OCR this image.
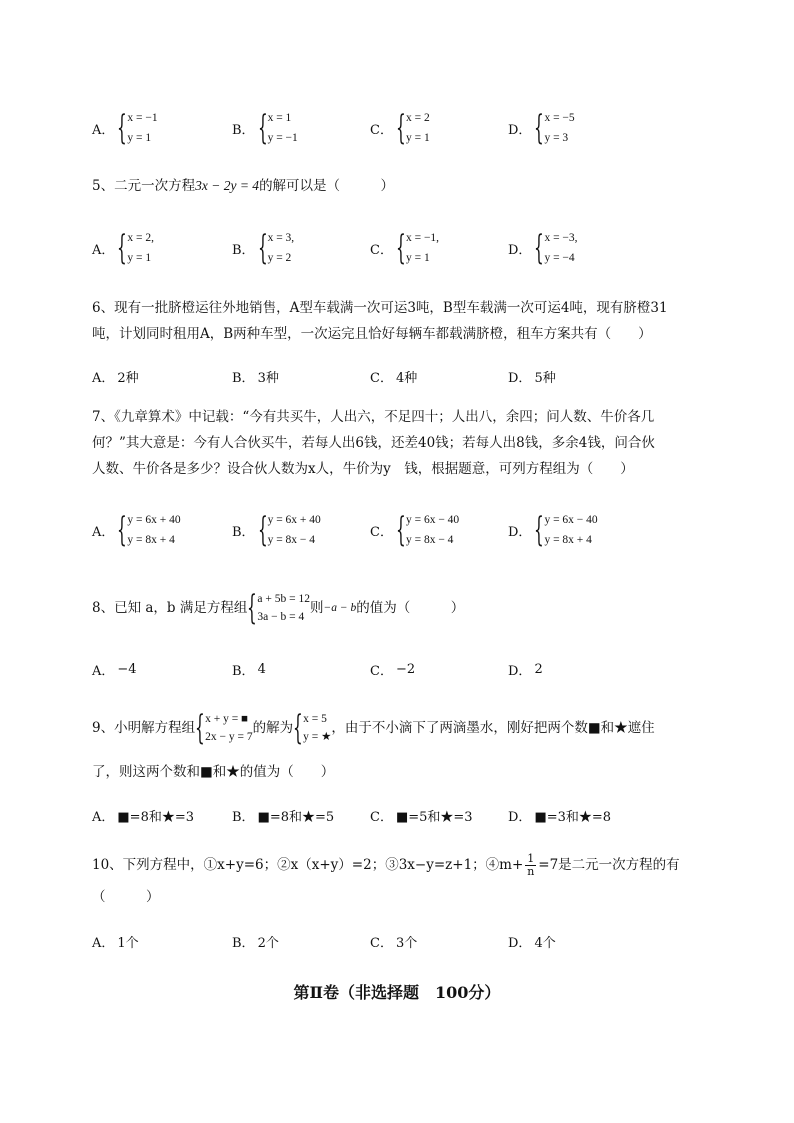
A． { x = −1
y = 1
B． { x = 1
y = −1
C． { x = 2
y = 1
D． { x = −5
y = 3
5、二元一次方程3x − 2y = 4的解可以是（　　　）
A． { x = 2,
y = 1
B． { x = 3,
y = 2
C． { x = −1,
y = 1
D． { x = −3,
y = −4
6、现有一批脐橙运往外地销售，A型车载满一次可运3吨，B型车载满一次可运4吨，现有脐橙31
吨，计划同时租用A，B两种车型，一次运完且恰好每辆车都载满脐橙，租车方案共有（　　）
A． 2种	B． 3种	C． 4种	D． 5种
7、《九章算术》中记载：“今有共买牛，人出六，不足四十；人出八，余四；问人数、牛价各几
何？”其大意是：今有人合伙买牛，若每人出6钱，还差40钱；若每人出8钱，多余4钱，问合伙
人数、牛价各是多少？设合伙人数为x人，牛价为y　钱，根据题意，可列方程组为（　　）
A． { y = 6x + 40
y = 8x + 4
B． { y = 6x + 40
y = 8x − 4
C． { y = 6x − 40
y = 8x − 4
D． { y = 6x − 40
y = 8x + 4
8、已知 a，b 满足方程组 { a + 5b = 12
3a − b = 4
则 −a − b 的值为（　　　）
A． −4	B． 4	C． −2	D． 2
9、小明解方程组 { x + y = ■
2x − y = 7
的解为 { x = 5
y = ★
，由于不小滴下了两滴墨水，刚好把两个数■和★遮住
了，则这两个数和■和★的值为（　　）
A． ■=8和★=3	B． ■=8和★=5	C． ■=5和★=3	D． ■=3和★=8
10、下列方程中，①x+y=6；②x（x+y）=2；③3x−y=z+1；④m+ $\frac{1}{n} =7$是二元一次方程的有
（　　　）
A． 1个	B． 2个	C． 3个	D． 4个
第Ⅱ卷（非选择题　100分）
